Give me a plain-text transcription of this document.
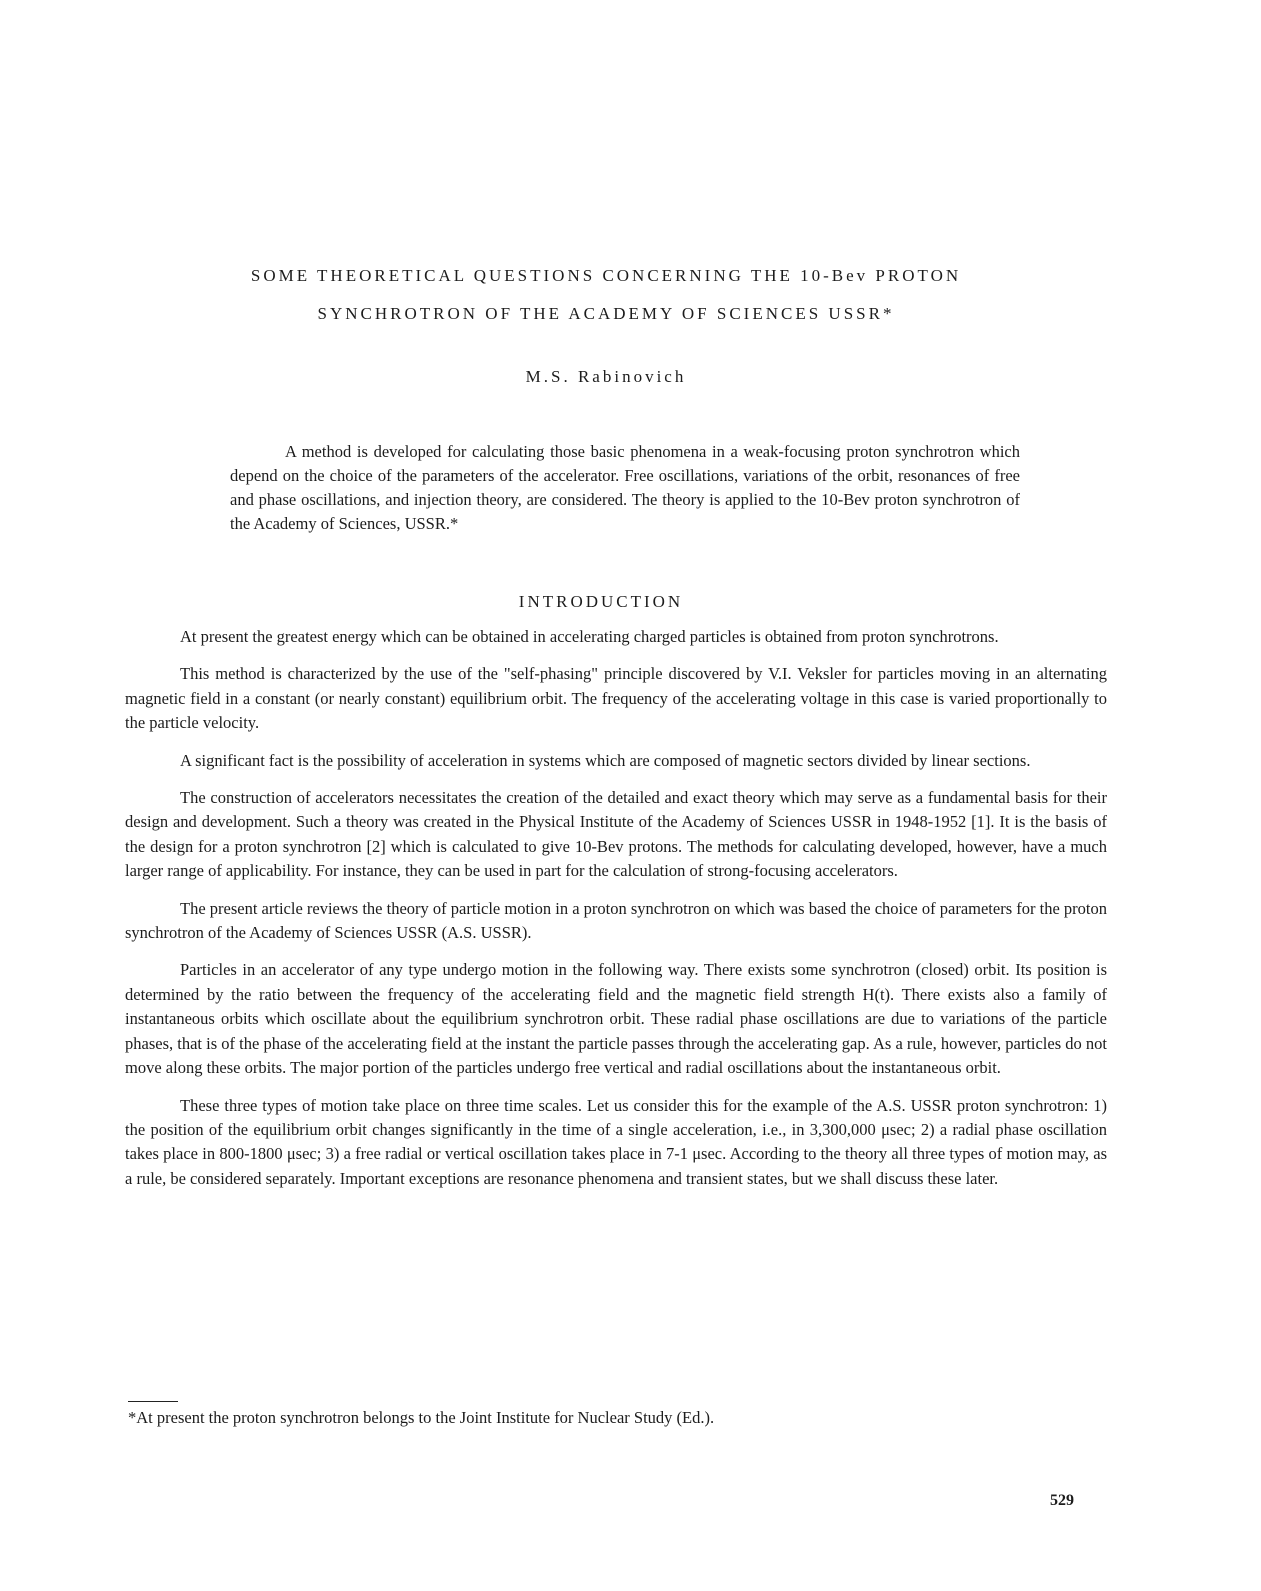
SOME THEORETICAL QUESTIONS CONCERNING THE 10-Bev PROTON
SYNCHROTRON OF THE ACADEMY OF SCIENCES USSR*
M.S. Rabinovich

A method is developed for calculating those basic phenomena in a weak-focusing proton synchrotron which depend on the choice of the parameters of the accelerator. Free oscillations, variations of the orbit, resonances of free and phase oscillations, and injection theory, are considered. The theory is applied to the 10-Bev proton synchrotron of the Academy of Sciences, USSR.*

INTRODUCTION

At present the greatest energy which can be obtained in accelerating charged particles is obtained from proton synchrotrons.

This method is characterized by the use of the "self-phasing" principle discovered by V.I. Veksler for particles moving in an alternating magnetic field in a constant (or nearly constant) equilibrium orbit. The frequency of the accelerating voltage in this case is varied proportionally to the particle velocity.

A significant fact is the possibility of acceleration in systems which are composed of magnetic sectors divided by linear sections.

The construction of accelerators necessitates the creation of the detailed and exact theory which may serve as a fundamental basis for their design and development. Such a theory was created in the Physical Institute of the Academy of Sciences USSR in 1948-1952 [1]. It is the basis of the design for a proton synchrotron [2] which is calculated to give 10-Bev protons. The methods for calculating developed, however, have a much larger range of applicability. For instance, they can be used in part for the calculation of strong-focusing accelerators.

The present article reviews the theory of particle motion in a proton synchrotron on which was based the choice of parameters for the proton synchrotron of the Academy of Sciences USSR (A.S. USSR).

Particles in an accelerator of any type undergo motion in the following way. There exists some synchrotron (closed) orbit. Its position is determined by the ratio between the frequency of the accelerating field and the magnetic field strength H(t). There exists also a family of instantaneous orbits which oscillate about the equilibrium synchrotron orbit. These radial phase oscillations are due to variations of the particle phases, that is of the phase of the accelerating field at the instant the particle passes through the accelerating gap. As a rule, however, particles do not move along these orbits. The major portion of the particles undergo free vertical and radial oscillations about the instantaneous orbit.

These three types of motion take place on three time scales. Let us consider this for the example of the A.S. USSR proton synchrotron: 1) the position of the equilibrium orbit changes significantly in the time of a single acceleration, i.e., in 3,300,000 μsec; 2) a radial phase oscillation takes place in 800-1800 μsec; 3) a free radial or vertical oscillation takes place in 7-1 μsec. According to the theory all three types of motion may, as a rule, be considered separately. Important exceptions are resonance phenomena and transient states, but we shall discuss these later.

*At present the proton synchrotron belongs to the Joint Institute for Nuclear Study (Ed.).

529
